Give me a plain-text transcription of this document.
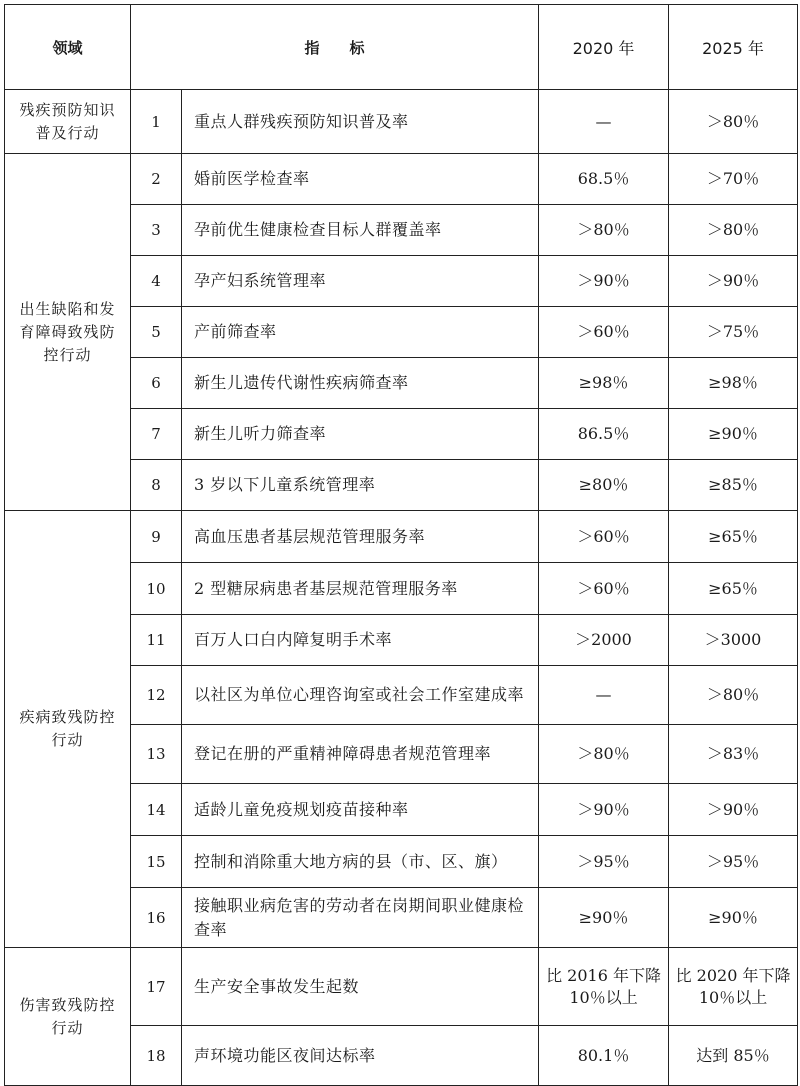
领域	指　　标		2020 年	2025 年
残疾预防知识普及行动	1	重点人群残疾预防知识普及率	—	＞80％
出生缺陷和发育障碍致残防控行动	2	婚前医学检查率	68.5％	＞70％
	3	孕前优生健康检查目标人群覆盖率	＞80％	＞80％
	4	孕产妇系统管理率	＞90％	＞90％
	5	产前筛查率	＞60％	＞75％
	6	新生儿遗传代谢性疾病筛查率	≥98％	≥98％
	7	新生儿听力筛查率	86.5％	≥90％
	8	3 岁以下儿童系统管理率	≥80％	≥85％
疾病致残防控行动	9	高血压患者基层规范管理服务率	＞60％	≥65％
	10	2 型糖尿病患者基层规范管理服务率	＞60％	≥65％
	11	百万人口白内障复明手术率	＞2000	＞3000
	12	以社区为单位心理咨询室或社会工作室建成率	—	＞80％
	13	登记在册的严重精神障碍患者规范管理率	＞80％	＞83％
	14	适龄儿童免疫规划疫苗接种率	＞90％	＞90％
	15	控制和消除重大地方病的县（市、区、旗）	＞95％	＞95％
	16	接触职业病危害的劳动者在岗期间职业健康检查率	≥90％	≥90％
伤害致残防控行动	17	生产安全事故发生起数	比 2016 年下降 10％以上	比 2020 年下降 10％以上
	18	声环境功能区夜间达标率	80.1％	达到 85％
